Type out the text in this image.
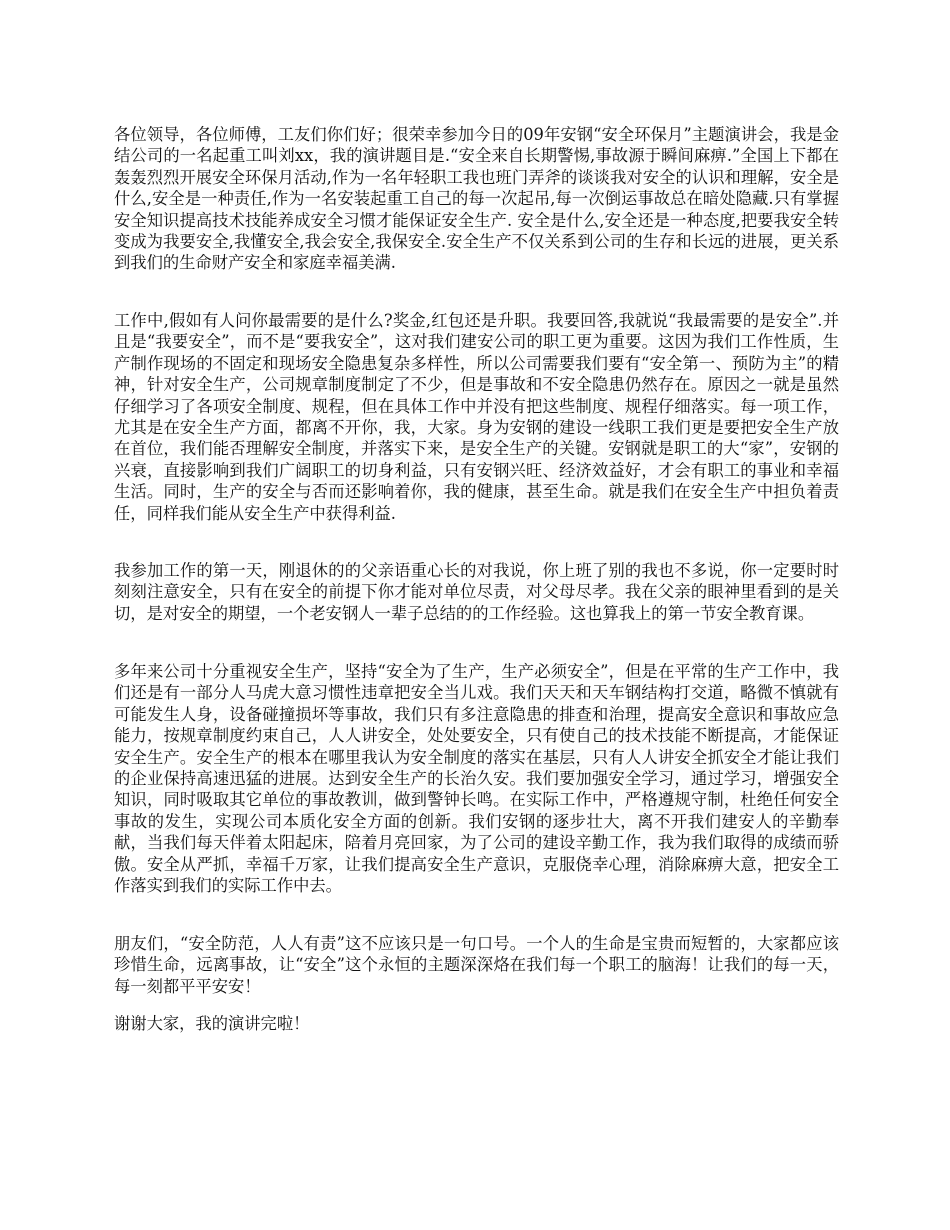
各位领导，各位师傅，工友们你们好；很荣幸参加今日的09年安钢“安全环保月”主题演讲会，我是金结公司的一名起重工叫刘xx，我的演讲题目是.“安全来自长期警惕,事故源于瞬间麻痹.”全国上下都在轰轰烈烈开展安全环保月活动,作为一名年轻职工我也班门弄斧的谈谈我对安全的认识和理解，安全是什么,安全是一种责任,作为一名安装起重工自己的每一次起吊,每一次倒运事故总在暗处隐藏.只有掌握安全知识提高技术技能养成安全习惯才能保证安全生产. 安全是什么,安全还是一种态度,把要我安全转变成为我要安全,我懂安全,我会安全,我保安全.安全生产不仅关系到公司的生存和长远的进展，更关系到我们的生命财产安全和家庭幸福美满.

工作中,假如有人问你最需要的是什么?奖金,红包还是升职。我要回答,我就说“我最需要的是安全”.并且是“我要安全”，而不是“要我安全”，这对我们建安公司的职工更为重要。这因为我们工作性质，生产制作现场的不固定和现场安全隐患复杂多样性，所以公司需要我们要有“安全第一、预防为主”的精神，针对安全生产，公司规章制度制定了不少，但是事故和不安全隐患仍然存在。原因之一就是虽然仔细学习了各项安全制度、规程，但在具体工作中并没有把这些制度、规程仔细落实。每一项工作，尤其是在安全生产方面，都离不开你，我，大家。身为安钢的建设一线职工我们更是要把安全生产放在首位，我们能否理解安全制度，并落实下来，是安全生产的关键。安钢就是职工的大“家”，安钢的兴衰，直接影响到我们广阔职工的切身利益，只有安钢兴旺、经济效益好，才会有职工的事业和幸福生活。同时，生产的安全与否而还影响着你，我的健康，甚至生命。就是我们在安全生产中担负着责任，同样我们能从安全生产中获得利益.

我参加工作的第一天，刚退休的的父亲语重心长的对我说，你上班了别的我也不多说，你一定要时时刻刻注意安全，只有在安全的前提下你才能对单位尽责，对父母尽孝。我在父亲的眼神里看到的是关切，是对安全的期望，一个老安钢人一辈子总结的的工作经验。这也算我上的第一节安全教育课。

多年来公司十分重视安全生产，坚持“安全为了生产，生产必须安全”，但是在平常的生产工作中，我们还是有一部分人马虎大意习惯性违章把安全当儿戏。我们天天和天车钢结构打交道，略微不慎就有可能发生人身，设备碰撞损坏等事故，我们只有多注意隐患的排查和治理，提高安全意识和事故应急能力，按规章制度约束自己，人人讲安全，处处要安全，只有使自己的技术技能不断提高，才能保证安全生产。安全生产的根本在哪里我认为安全制度的落实在基层，只有人人讲安全抓安全才能让我们的企业保持高速迅猛的进展。达到安全生产的长治久安。我们要加强安全学习，通过学习，增强安全知识，同时吸取其它单位的事故教训，做到警钟长鸣。在实际工作中，严格遵规守制，杜绝任何安全事故的发生，实现公司本质化安全方面的创新。我们安钢的逐步壮大，离不开我们建安人的辛勤奉献，当我们每天伴着太阳起床，陪着月亮回家，为了公司的建设辛勤工作，我为我们取得的成绩而骄傲。安全从严抓，幸福千万家，让我们提高安全生产意识，克服侥幸心理，消除麻痹大意，把安全工作落实到我们的实际工作中去。

朋友们，“安全防范，人人有责”这不应该只是一句口号。一个人的生命是宝贵而短暂的，大家都应该珍惜生命，远离事故，让“安全”这个永恒的主题深深烙在我们每一个职工的脑海！让我们的每一天，每一刻都平平安安！

谢谢大家，我的演讲完啦！
